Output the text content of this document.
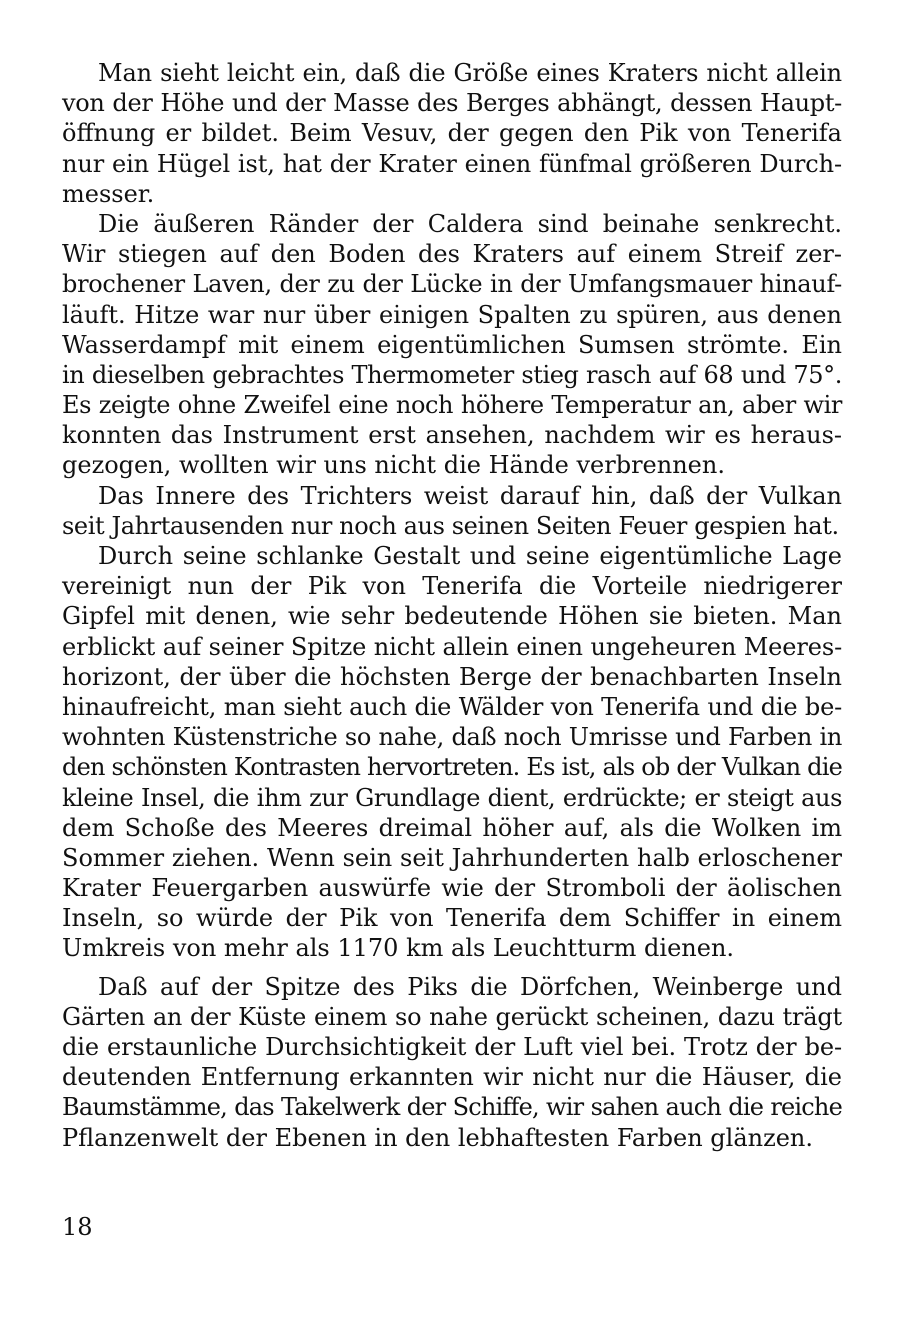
Man sieht leicht ein, daß die Größe eines Kraters nicht allein
von der Höhe und der Masse des Berges abhängt, dessen Haupt-
öffnung er bildet. Beim Vesuv, der gegen den Pik von Tenerifa
nur ein Hügel ist, hat der Krater einen fünfmal größeren Durch-
messer.
Die äußeren Ränder der Caldera sind beinahe senkrecht.
Wir stiegen auf den Boden des Kraters auf einem Streif zer-
brochener Laven, der zu der Lücke in der Umfangsmauer hinauf-
läuft. Hitze war nur über einigen Spalten zu spüren, aus denen
Wasserdampf mit einem eigentümlichen Sumsen strömte. Ein
in dieselben gebrachtes Thermometer stieg rasch auf 68 und 75°.
Es zeigte ohne Zweifel eine noch höhere Temperatur an, aber wir
konnten das Instrument erst ansehen, nachdem wir es heraus-
gezogen, wollten wir uns nicht die Hände verbrennen.
Das Innere des Trichters weist darauf hin, daß der Vulkan
seit Jahrtausenden nur noch aus seinen Seiten Feuer gespien hat.
Durch seine schlanke Gestalt und seine eigentümliche Lage
vereinigt nun der Pik von Tenerifa die Vorteile niedrigerer
Gipfel mit denen, wie sehr bedeutende Höhen sie bieten. Man
erblickt auf seiner Spitze nicht allein einen ungeheuren Meeres-
horizont, der über die höchsten Berge der benachbarten Inseln
hinaufreicht, man sieht auch die Wälder von Tenerifa und die be-
wohnten Küstenstriche so nahe, daß noch Umrisse und Farben in
den schönsten Kontrasten hervortreten. Es ist, als ob der Vulkan die
kleine Insel, die ihm zur Grundlage dient, erdrückte; er steigt aus
dem Schoße des Meeres dreimal höher auf, als die Wolken im
Sommer ziehen. Wenn sein seit Jahrhunderten halb erloschener
Krater Feuergarben auswürfe wie der Stromboli der äolischen
Inseln, so würde der Pik von Tenerifa dem Schiffer in einem
Umkreis von mehr als 1170 km als Leuchtturm dienen.
Daß auf der Spitze des Piks die Dörfchen, Weinberge und
Gärten an der Küste einem so nahe gerückt scheinen, dazu trägt
die erstaunliche Durchsichtigkeit der Luft viel bei. Trotz der be-
deutenden Entfernung erkannten wir nicht nur die Häuser, die
Baumstämme, das Takelwerk der Schiffe, wir sahen auch die reiche
Pflanzenwelt der Ebenen in den lebhaftesten Farben glänzen.
18
